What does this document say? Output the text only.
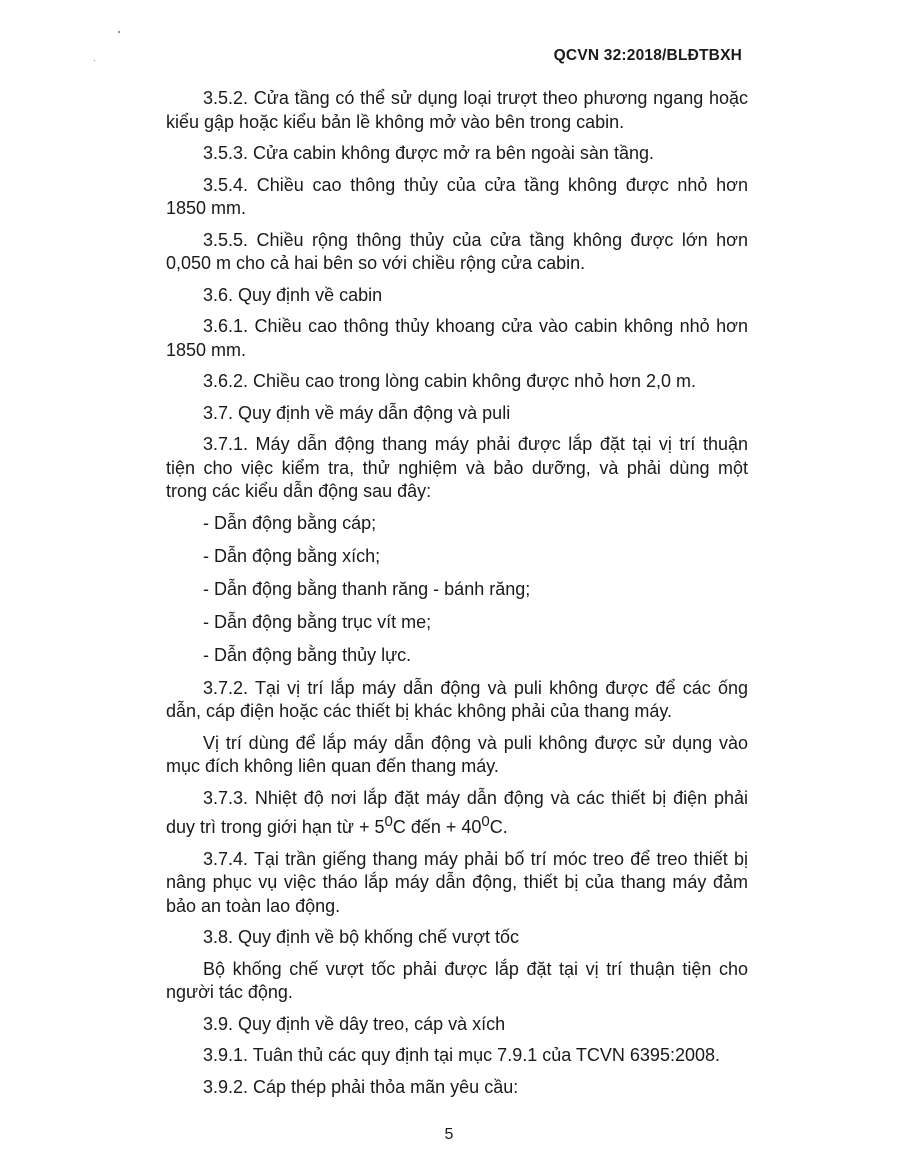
QCVN 32:2018/BLĐTBXH

3.5.2. Cửa tầng có thể sử dụng loại trượt theo phương ngang hoặc kiểu gập hoặc kiểu bản lề không mở vào bên trong cabin.

3.5.3. Cửa cabin không được mở ra bên ngoài sàn tầng.

3.5.4. Chiều cao thông thủy của cửa tầng không được nhỏ hơn 1850 mm.

3.5.5. Chiều rộng thông thủy của cửa tầng không được lớn hơn 0,050 m cho cả hai bên so với chiều rộng cửa cabin.

3.6. Quy định về cabin

3.6.1. Chiều cao thông thủy khoang cửa vào cabin không nhỏ hơn 1850 mm.

3.6.2. Chiều cao trong lòng cabin không được nhỏ hơn 2,0 m.

3.7. Quy định về máy dẫn động và puli

3.7.1. Máy dẫn động thang máy phải được lắp đặt tại vị trí thuận tiện cho việc kiểm tra, thử nghiệm và bảo dưỡng, và phải dùng một trong các kiểu dẫn động sau đây:

- Dẫn động bằng cáp;

- Dẫn động bằng xích;

- Dẫn động bằng thanh răng - bánh răng;

- Dẫn động bằng trục vít me;

- Dẫn động bằng thủy lực.

3.7.2. Tại vị trí lắp máy dẫn động và puli không được để các ống dẫn, cáp điện hoặc các thiết bị khác không phải của thang máy.

Vị trí dùng để lắp máy dẫn động và puli không được sử dụng vào mục đích không liên quan đến thang máy.

3.7.3. Nhiệt độ nơi lắp đặt máy dẫn động và các thiết bị điện phải duy trì trong giới hạn từ + $5^0C$ đến + $40^0C$.

3.7.4. Tại trần giếng thang máy phải bố trí móc treo để treo thiết bị nâng phục vụ việc tháo lắp máy dẫn động, thiết bị của thang máy đảm bảo an toàn lao động.

3.8. Quy định về bộ khống chế vượt tốc

Bộ khống chế vượt tốc phải được lắp đặt tại vị trí thuận tiện cho người tác động.

3.9. Quy định về dây treo, cáp và xích

3.9.1. Tuân thủ các quy định tại mục 7.9.1 của TCVN 6395:2008.

3.9.2. Cáp thép phải thỏa mãn yêu cầu:

5
